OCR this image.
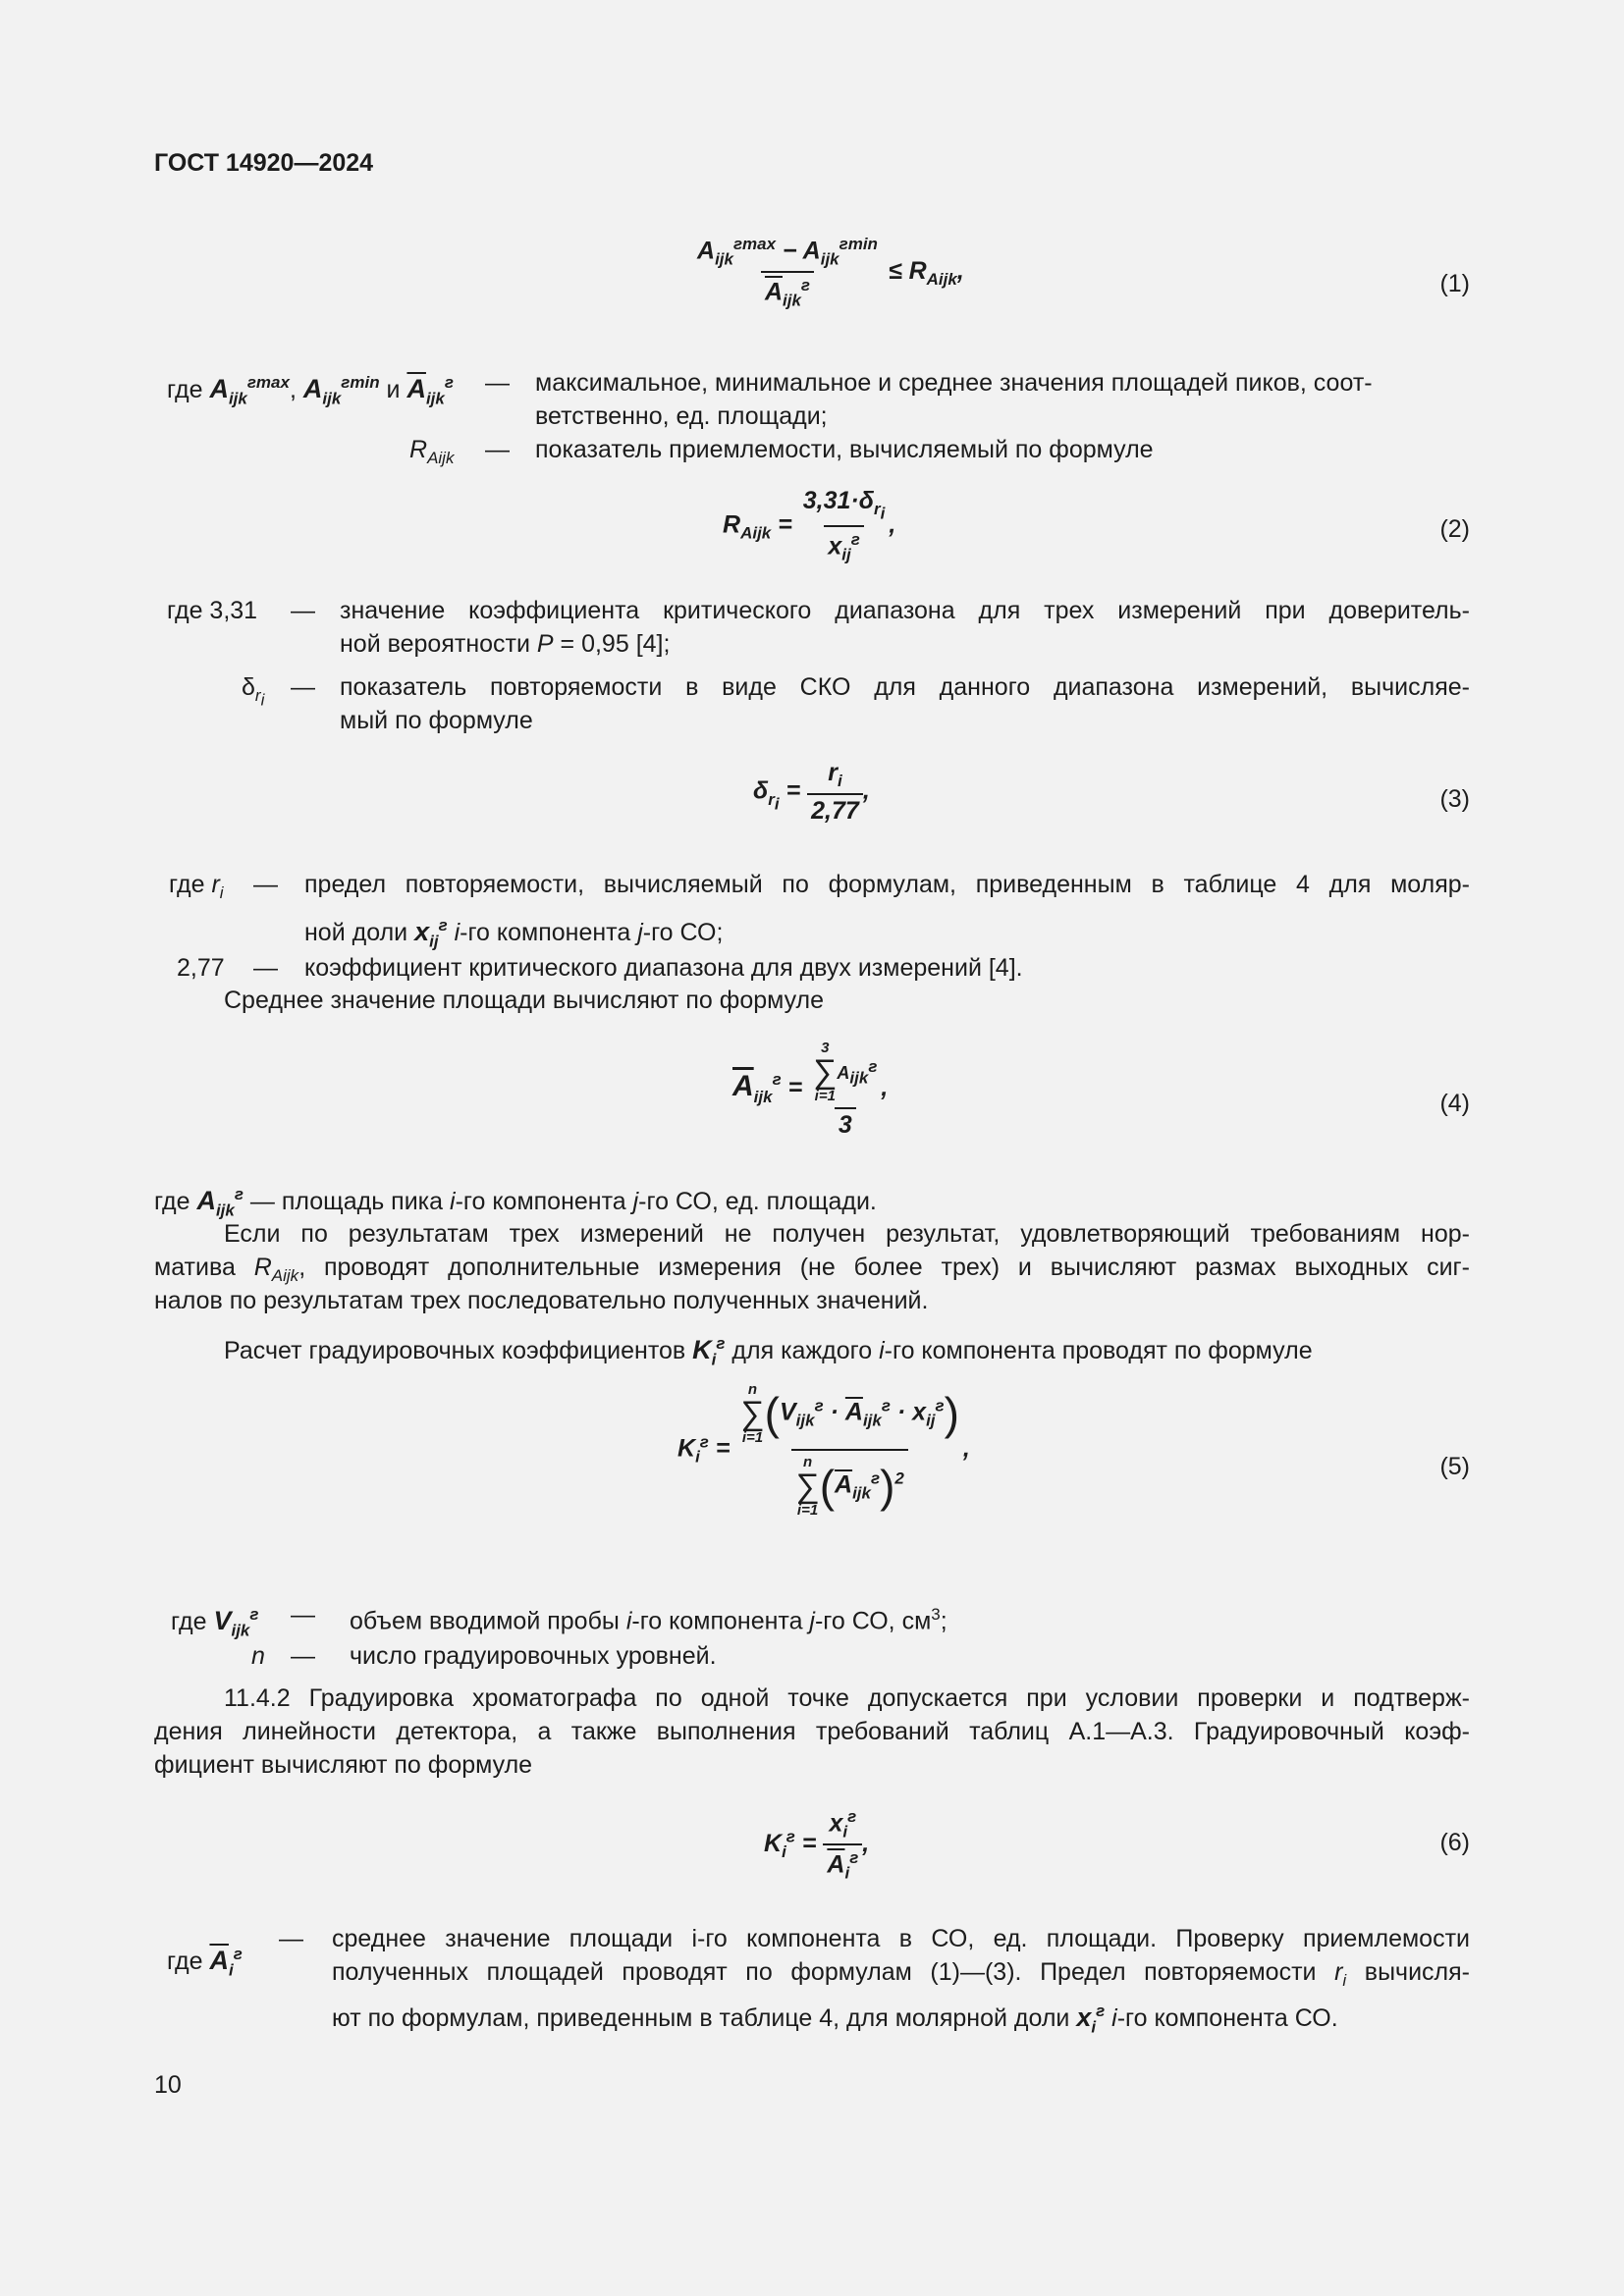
ГОСТ 14920—2024
$\frac{A_{ijk}^{гmax} - A_{ijk}^{гmin}}{\overline{A}_{ijk}^г} \le R_{Aijk}$,	(1)
где $A_{ijk}^{гmax}$, $A_{ijk}^{гmin}$ и $\overline{A}_{ijk}^г$ — максимальное, минимальное и среднее значения площадей пиков, соот-
ветственно, ед. площади;
$R_{Aijk}$ — показатель приемлемости, вычисляемый по формуле
$R_{Aijk} = \frac{3,31\cdot\delta_{r_i}}{x_{ij}^г}$ ,	(2)
где 3,31 — значение коэффициента критического диапазона для трех измерений при доверитель-
ной вероятности P = 0,95 [4];
$\delta_{r_i}$ — показатель повторяемости в виде СКО для данного диапазона измерений, вычисляе-
мый по формуле
$\delta_{r_i} = \frac{r_i}{2,77}$ ,	(3)
где $r_i$ — предел повторяемости, вычисляемый по формулам, приведенным в таблице 4 для моляр-
ной доли $x_{ij}^г$ i-го компонента j-го СО;
2,77 — коэффициент критического диапазона для двух измерений [4].
Среднее значение площади вычисляют по формуле
$\overline{A}_{ijk}^г = 3$
∑
i=1
$A_{ijk}^г$
3 ,
(4)
где $A_{ijk}^г$ — площадь пика i-го компонента j-го СО, ед. площади.
Если по результатам трех измерений не получен результат, удовлетворяющий требованиям нор-
матива $R_{Aijk}$, проводят дополнительные измерения (не более трех) и вычисляют размах выходных сиг-
налов по результатам трех последовательно полученных значений.
Расчет градуировочных коэффициентов $K_i^г$ для каждого i-го компонента проводят по формуле
$K_i^г = n$
∑
i=1 $(V_{ijk}^г \cdot \overline{A}_{ijk}^г \cdot x_{ij}^г)$
n
∑
i=1 $(\overline{A}_{ijk}^г)^2$ ,
(5)
где $V_{ijk}^г$ — объем вводимой пробы i-го компонента j-го СО, $см^3$;
n — число градуировочных уровней.
11.4.2 Градуировка хроматографа по одной точке допускается при условии проверки и подтверж-
дения линейности детектора, а также выполнения требований таблиц А.1—А.3. Градуировочный коэф-
фициент вычисляют по формуле
$K_i^г = \frac{x_i^г}{\overline{A}_i^г}$ ,	(6)
где $\overline{A}_i^г$
— среднее значение площади i-го компонента в СО, ед. площади. Проверку приемлемости
полученных площадей проводят по формулам (1)—(3). Предел повторяемости $r_i$ вычисля-
ют по формулам, приведенным в таблице 4, для молярной доли $x_i^г$ i-го компонента СО.
10
